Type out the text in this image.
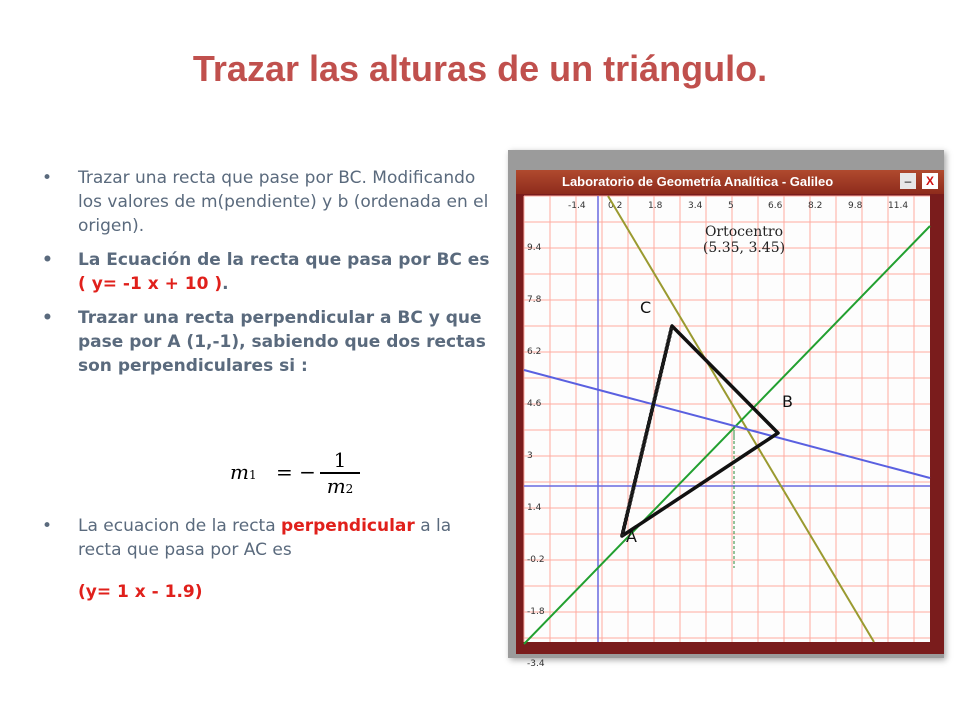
Trazar las alturas de un triángulo.
• Trazar una recta que pase por BC. Modificando los valores de m(pendiente) y b (ordenada en el origen).
• La Ecuación de la recta que pasa por BC es ( y= -1 x + 10 ).
• Trazar una recta perpendicular a BC y que pase por A (1,-1), sabiendo que dos rectas son perpendiculares si :
m1 = − 1
m2
• La ecuacion de la recta perpendicular a la recta que pasa por AC es
(y= 1 x - 1.9)
Laboratorio de Geometría Analítica - Galileo	–	X
-1.4 0.2	1.8	3.4	5	6.6	8.2	9.8	11.4
9.4
7.8
6.2
4.6
3
1.4
-0.2
-1.8
-3.4
Ortocentro
(5.35, 3.45)
C
B
A
